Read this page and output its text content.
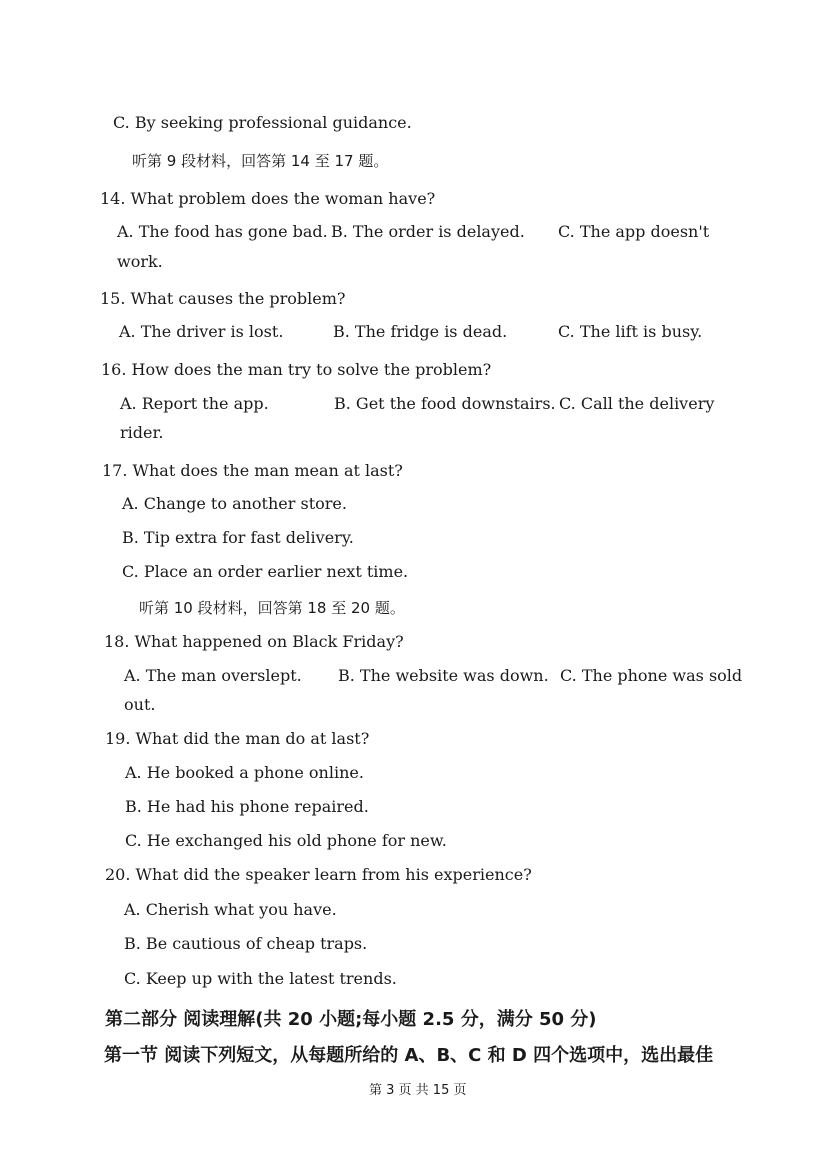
C. By seeking professional guidance.
听第 9 段材料，回答第 14 至 17 题。
14. What problem does the woman have?
A. The food has gone bad. B. The order is delayed. C. The app doesn't
work.
15. What causes the problem?
A. The driver is lost.	B. The fridge is dead.	C. The lift is busy.
16. How does the man try to solve the problem?
A. Report the app.	B. Get the food downstairs. C. Call the delivery
rider.
17. What does the man mean at last?
A. Change to another store.
B. Tip extra for fast delivery.
C. Place an order earlier next time.
听第 10 段材料，回答第 18 至 20 题。
18. What happened on Black Friday?
A. The man overslept. B. The website was down. C. The phone was sold
out.
19. What did the man do at last?
A. He booked a phone online.
B. He had his phone repaired.
C. He exchanged his old phone for new.
20. What did the speaker learn from his experience?
A. Cherish what you have.
B. Be cautious of cheap traps.
C. Keep up with the latest trends.
第二部分 阅读理解(共 20 小题;每小题 2.5 分，满分 50 分)
第一节 阅读下列短文，从每题所给的 A、B、C 和 D 四个选项中，选出最佳
第 3 页 共 15 页
